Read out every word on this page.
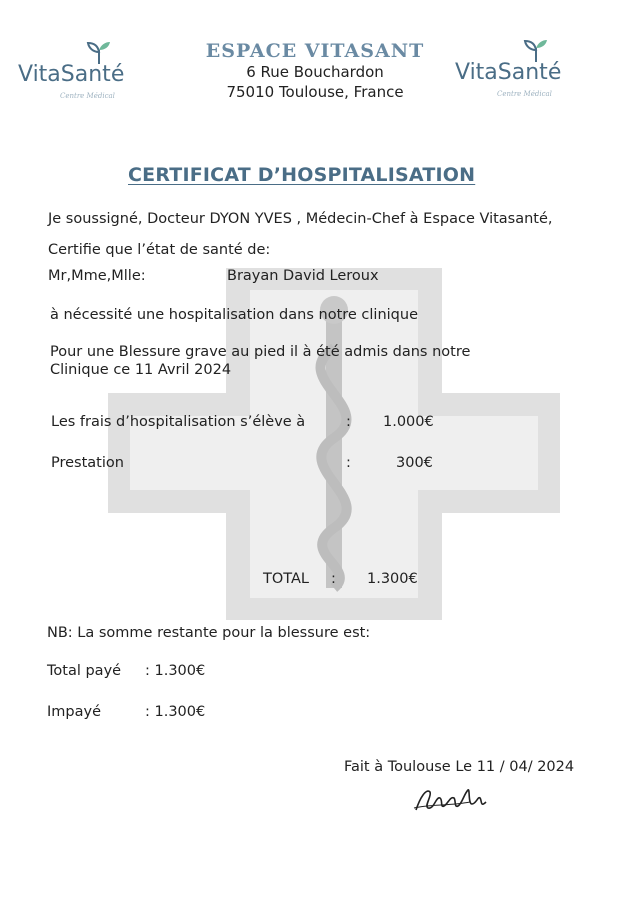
VitaSanté
Centre Médical
ESPACE VITASANT
6 Rue Bouchardon
75010 Toulouse, France
VitaSanté
Centre Médical
CERTIFICAT D’HOSPITALISATION
Je soussigné, Docteur DYON YVES , Médecin-Chef à Espace Vitasanté,
Certifie que l’état de santé de:
Mr,Mme,Mlle:	Brayan David Leroux
à nécessité une hospitalisation dans notre clinique
Pour une Blessure grave au pied il à été admis dans notre
Clinique ce 11 Avril 2024
Les frais d’hospitalisation s’élève à	: 1.000€
Prestation	:	300€
TOTAL : 1.300€
NB: La somme restante pour la blessure est:
Total payé : 1.300€
Impayé	: 1.300€
Fait à Toulouse Le 11 / 04/ 2024
